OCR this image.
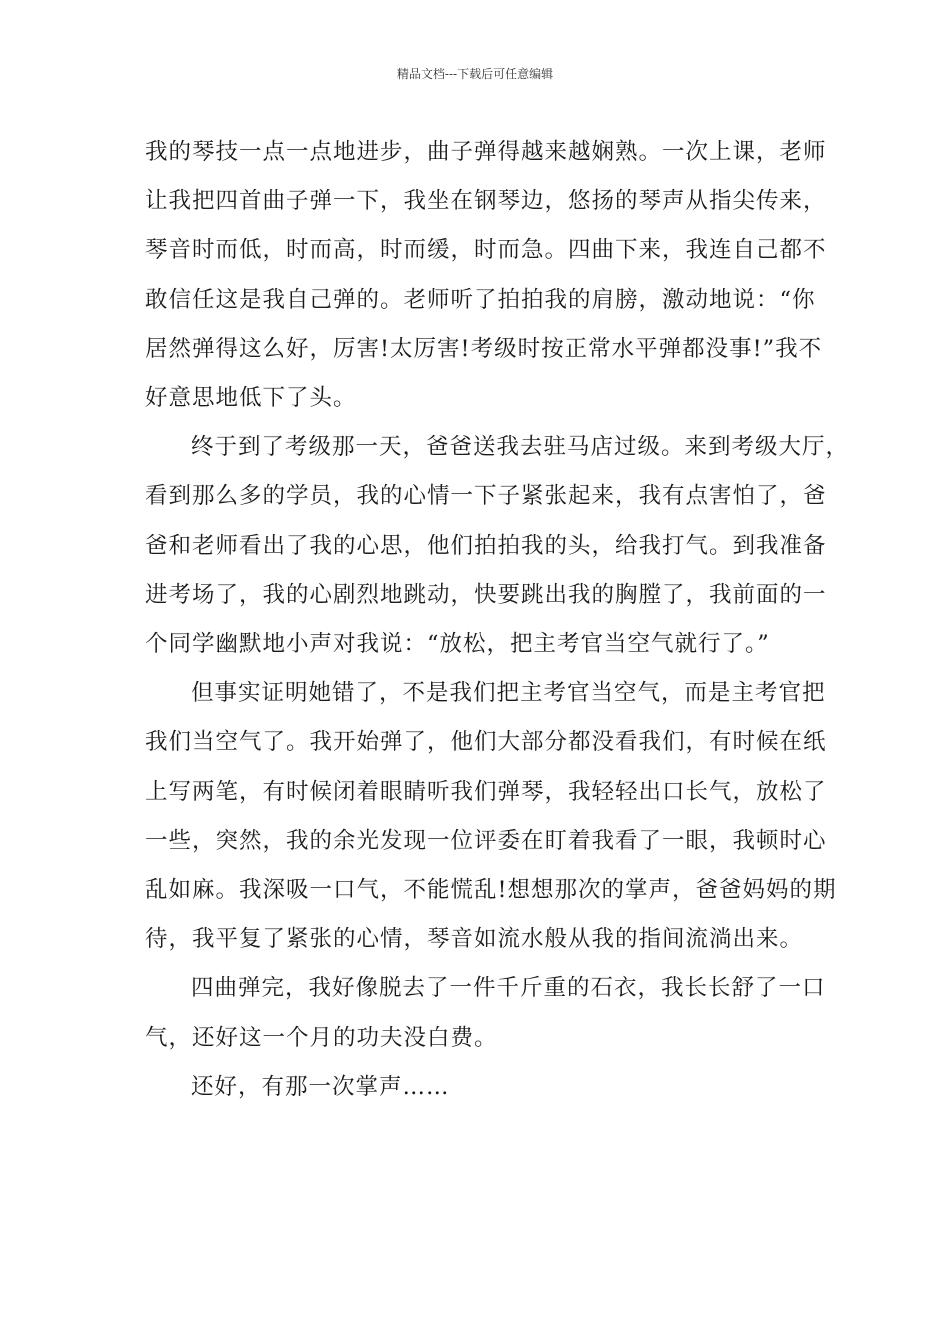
精品文档---下载后可任意编辑

我的琴技一点一点地进步，曲子弹得越来越娴熟。一次上课，老师
让我把四首曲子弹一下，我坐在钢琴边，悠扬的琴声从指尖传来，
琴音时而低，时而高，时而缓，时而急。四曲下来，我连自己都不
敢信任这是我自己弹的。老师听了拍拍我的肩膀，激动地说：“你
居然弹得这么好，厉害!太厉害!考级时按正常水平弹都没事!”我不
好意思地低下了头。

终于到了考级那一天，爸爸送我去驻马店过级。来到考级大厅，
看到那么多的学员，我的心情一下子紧张起来，我有点害怕了，爸
爸和老师看出了我的心思，他们拍拍我的头，给我打气。到我准备
进考场了，我的心剧烈地跳动，快要跳出我的胸膛了，我前面的一
个同学幽默地小声对我说：“放松，把主考官当空气就行了。”

但事实证明她错了，不是我们把主考官当空气，而是主考官把
我们当空气了。我开始弹了，他们大部分都没看我们，有时候在纸
上写两笔，有时候闭着眼睛听我们弹琴，我轻轻出口长气，放松了
一些，突然，我的余光发现一位评委在盯着我看了一眼，我顿时心
乱如麻。我深吸一口气，不能慌乱!想想那次的掌声，爸爸妈妈的期
待，我平复了紧张的心情，琴音如流水般从我的指间流淌出来。

四曲弹完，我好像脱去了一件千斤重的石衣，我长长舒了一口
气，还好这一个月的功夫没白费。

还好，有那一次掌声……
